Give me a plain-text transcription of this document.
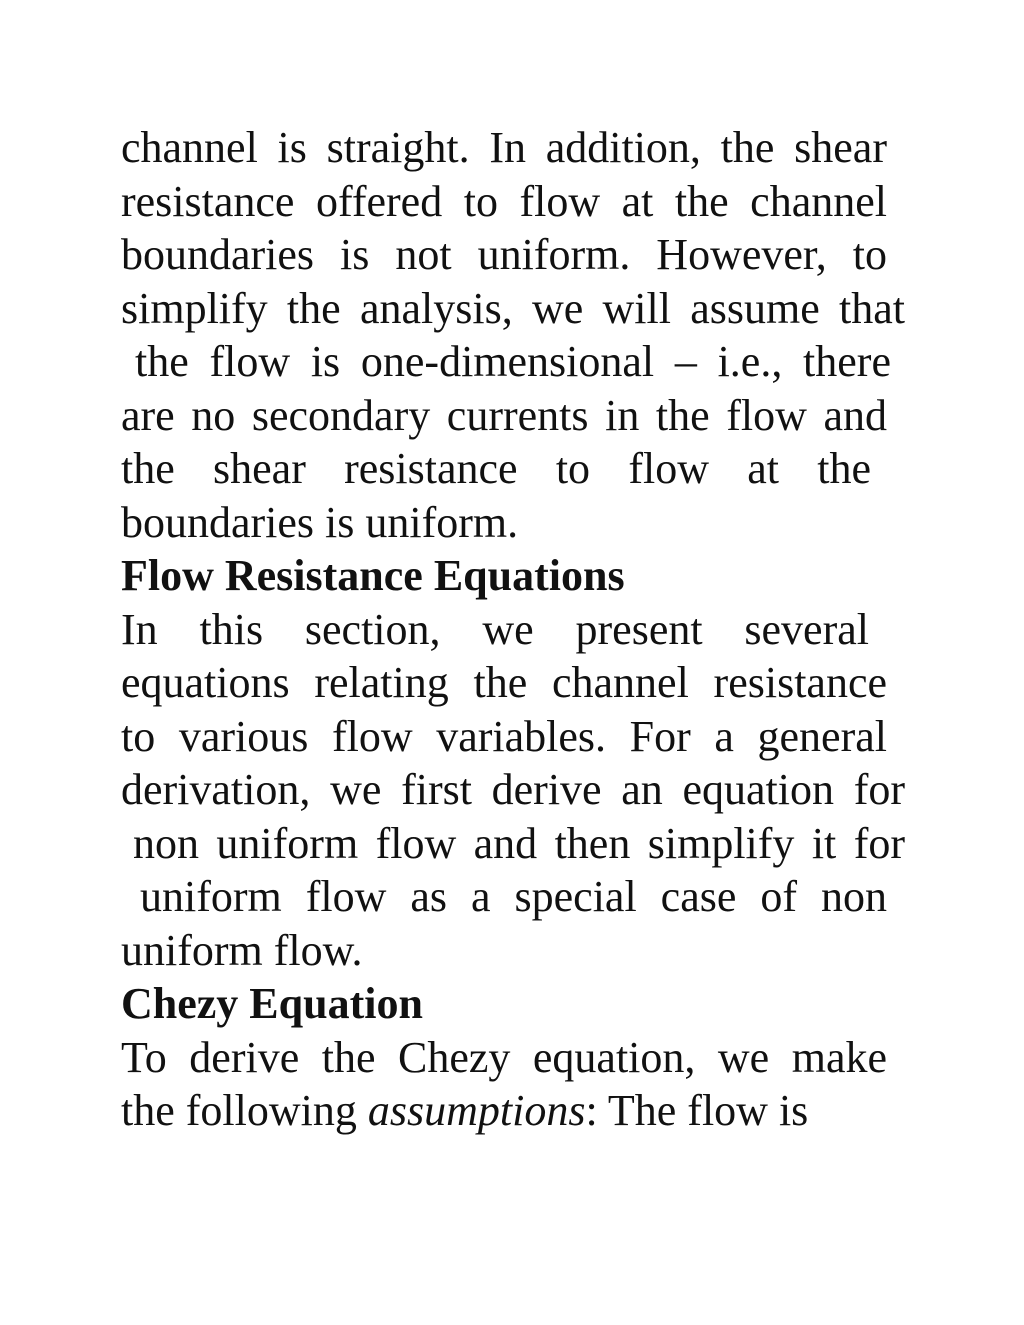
channel is straight. In addition, the shear
resistance offered to flow at the channel
boundaries is not uniform. However, to
simplify the analysis, we will assume that
the flow is one-dimensional – i.e., there
are no secondary currents in the flow and
the shear resistance to flow at the
boundaries is uniform.
Flow Resistance Equations
In this section, we present several
equations relating the channel resistance
to various flow variables. For a general
derivation, we first derive an equation for
non uniform flow and then simplify it for
uniform flow as a special case of non
uniform flow.
Chezy Equation
To derive the Chezy equation, we make
the following assumptions: The flow is
